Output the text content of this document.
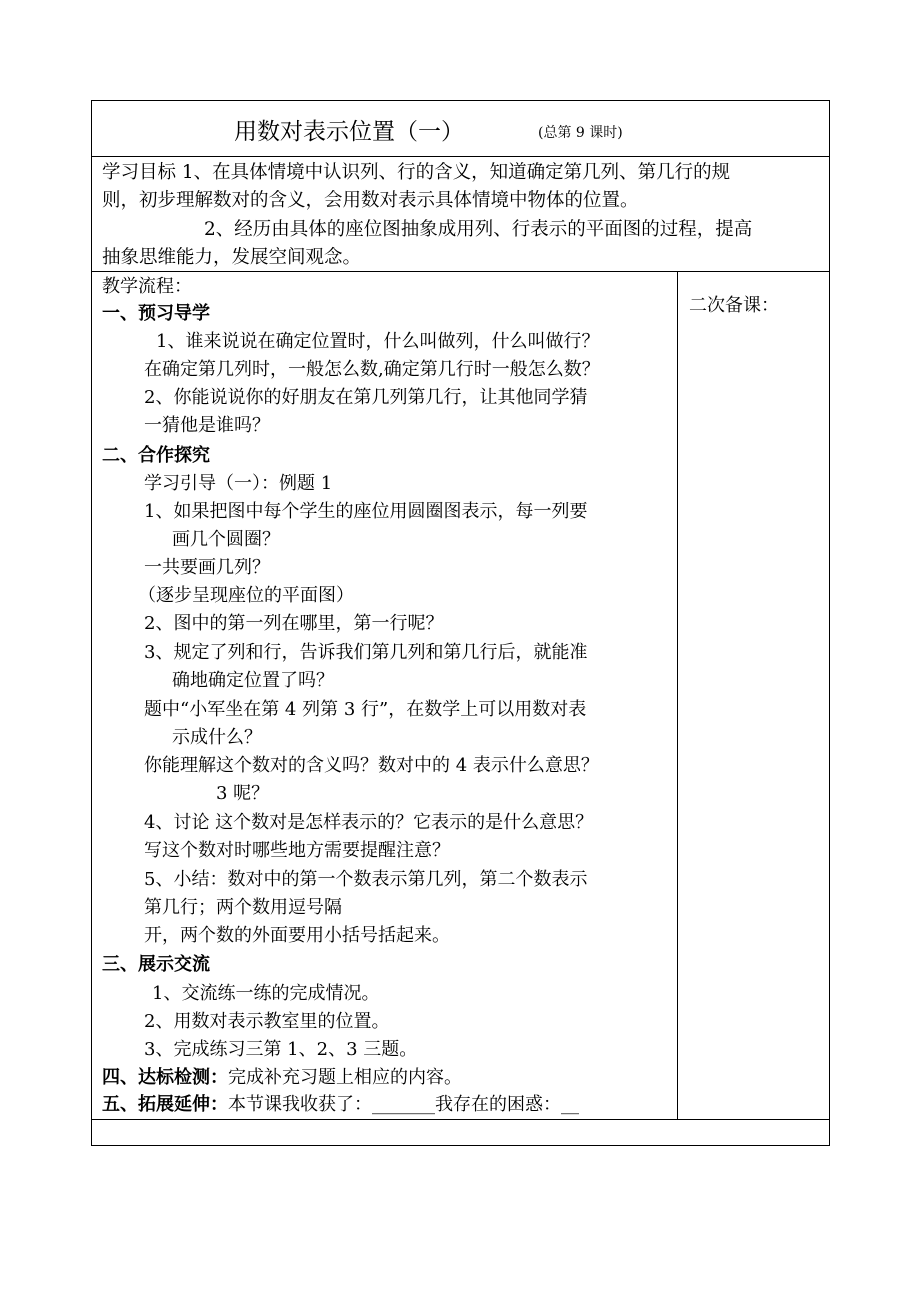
用数对表示位置（一）	(总第 9 课时)
学习目标 1、在具体情境中认识列、行的含义，知道确定第几列、第几行的规
则，初步理解数对的含义，会用数对表示具体情境中物体的位置。
2、经历由具体的座位图抽象成用列、行表示的平面图的过程，提高
抽象思维能力，发展空间观念。
二次备课：
教学流程：
一、预习导学
1、谁来说说在确定位置时，什么叫做列，什么叫做行？
在确定第几列时，一般怎么数,确定第几行时一般怎么数？
2、你能说说你的好朋友在第几列第几行，让其他同学猜
一猜他是谁吗？
二、合作探究
学习引导（一）：例题 1
1、如果把图中每个学生的座位用圆圈图表示，每一列要
画几个圆圈？
一共要画几列？
（逐步呈现座位的平面图）
2、图中的第一列在哪里，第一行呢？
3、规定了列和行，告诉我们第几列和第几行后，就能准
确地确定位置了吗？
题中“小军坐在第 4 列第 3 行”，在数学上可以用数对表
示成什么？
你能理解这个数对的含义吗？数对中的 4 表示什么意思？
3 呢？
4、讨论 这个数对是怎样表示的？它表示的是什么意思？
写这个数对时哪些地方需要提醒注意？
5、小结：数对中的第一个数表示第几列，第二个数表示
第几行；两个数用逗号隔
开，两个数的外面要用小括号括起来。
三、展示交流
1、交流练一练的完成情况。
2、用数对表示教室里的位置。
3、完成练习三第 1、2、3 三题。
四、达标检测：完成补充习题上相应的内容。
五、拓展延伸：本节课我收获了：_______我存在的困惑：__
